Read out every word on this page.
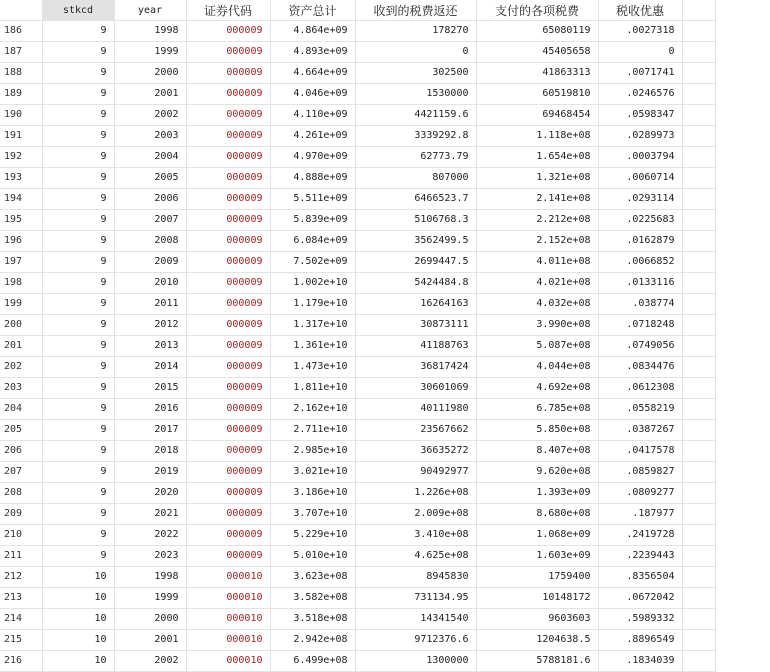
	stkcd	year	证券代码	资产总计	收到的税费返还	支付的各项税费	税收优惠	
186	9	1998	000009	4.864e+09	178270	65080119	.0027318	
187	9	1999	000009	4.893e+09	0	45405658	0	
188	9	2000	000009	4.664e+09	302500	41863313	.0071741	
189	9	2001	000009	4.046e+09	1530000	60519810	.0246576	
190	9	2002	000009	4.110e+09	4421159.6	69468454	.0598347	
191	9	2003	000009	4.261e+09	3339292.8	1.118e+08	.0289973	
192	9	2004	000009	4.970e+09	62773.79	1.654e+08	.0003794	
193	9	2005	000009	4.888e+09	807000	1.321e+08	.0060714	
194	9	2006	000009	5.511e+09	6466523.7	2.141e+08	.0293114	
195	9	2007	000009	5.839e+09	5106768.3	2.212e+08	.0225683	
196	9	2008	000009	6.084e+09	3562499.5	2.152e+08	.0162879	
197	9	2009	000009	7.502e+09	2699447.5	4.011e+08	.0066852	
198	9	2010	000009	1.002e+10	5424484.8	4.021e+08	.0133116	
199	9	2011	000009	1.179e+10	16264163	4.032e+08	.038774	
200	9	2012	000009	1.317e+10	30873111	3.990e+08	.0718248	
201	9	2013	000009	1.361e+10	41188763	5.087e+08	.0749056	
202	9	2014	000009	1.473e+10	36817424	4.044e+08	.0834476	
203	9	2015	000009	1.811e+10	30601069	4.692e+08	.0612308	
204	9	2016	000009	2.162e+10	40111980	6.785e+08	.0558219	
205	9	2017	000009	2.711e+10	23567662	5.850e+08	.0387267	
206	9	2018	000009	2.985e+10	36635272	8.407e+08	.0417578	
207	9	2019	000009	3.021e+10	90492977	9.620e+08	.0859827	
208	9	2020	000009	3.186e+10	1.226e+08	1.393e+09	.0809277	
209	9	2021	000009	3.707e+10	2.009e+08	8.680e+08	.187977	
210	9	2022	000009	5.229e+10	3.410e+08	1.068e+09	.2419728	
211	9	2023	000009	5.010e+10	4.625e+08	1.603e+09	.2239443	
212	10	1998	000010	3.623e+08	8945830	1759400	.8356504	
213	10	1999	000010	3.582e+08	731134.95	10148172	.0672042	
214	10	2000	000010	3.518e+08	14341540	9603603	.5989332	
215	10	2001	000010	2.942e+08	9712376.6	1204638.5	.8896549	
216	10	2002	000010	6.499e+08	1300000	5788181.6	.1834039	
